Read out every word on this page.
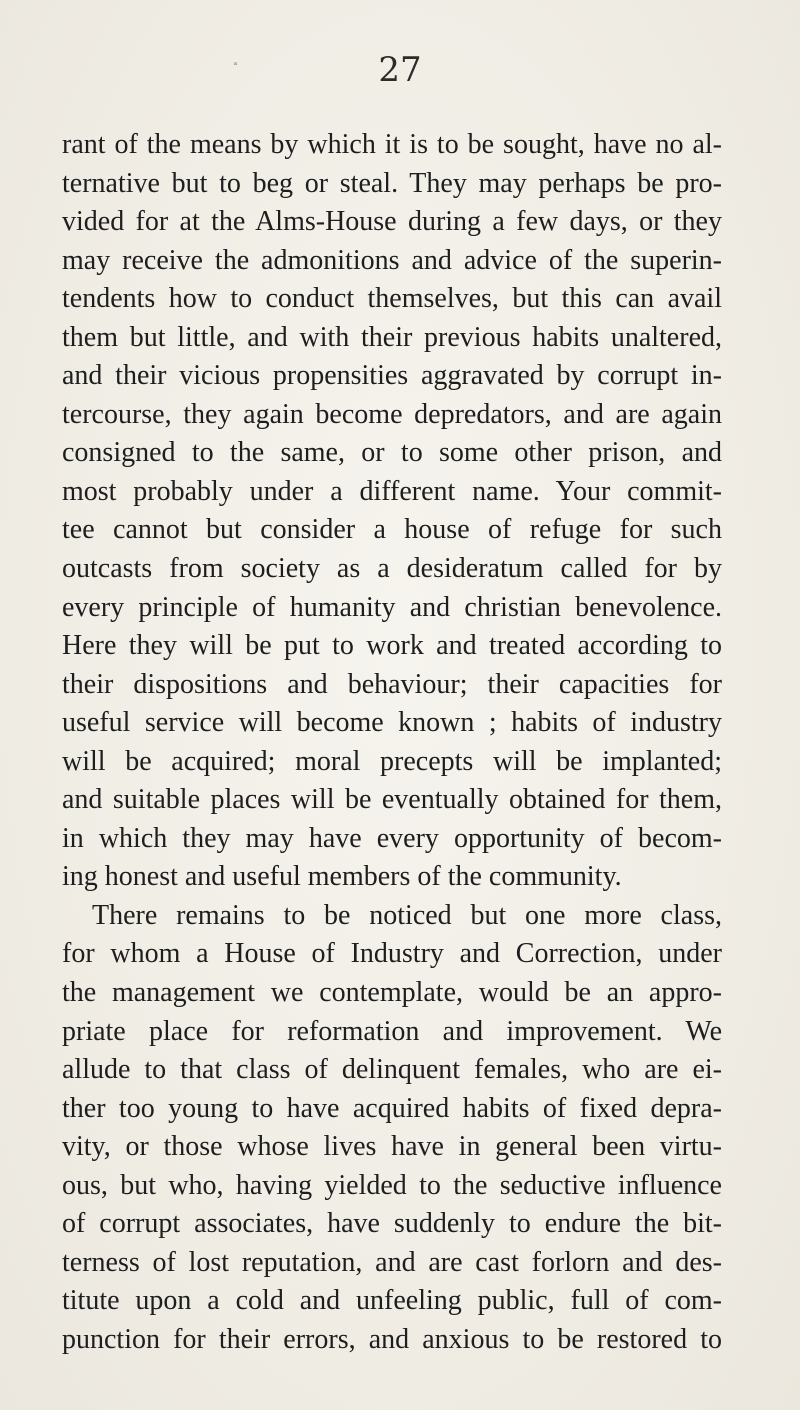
˟	27
rant of the means by which it is to be sought, have no al-
ternative but to beg or steal. They may perhaps be pro-
vided for at the Alms-House during a few days, or they
may receive the admonitions and advice of the superin-
tendents how to conduct themselves, but this can avail
them but little, and with their previous habits unaltered,
and their vicious propensities aggravated by corrupt in-
tercourse, they again become depredators, and are again
consigned to the same, or to some other prison, and
most probably under a different name. Your commit-
tee cannot but consider a house of refuge for such
outcasts from society as a desideratum called for by
every principle of humanity and christian benevolence.
Here they will be put to work and treated according to
their dispositions and behaviour; their capacities for
useful service will become known ; habits of industry
will be acquired; moral precepts will be implanted;
and suitable places will be eventually obtained for them,
in which they may have every opportunity of becom-
ing honest and useful members of the community.
There remains to be noticed but one more class,
for whom a House of Industry and Correction, under
the management we contemplate, would be an appro-
priate place for reformation and improvement. We
allude to that class of delinquent females, who are ei-
ther too young to have acquired habits of fixed depra-
vity, or those whose lives have in general been virtu-
ous, but who, having yielded to the seductive influence
of corrupt associates, have suddenly to endure the bit-
terness of lost reputation, and are cast forlorn and des-
titute upon a cold and unfeeling public, full of com-
punction for their errors, and anxious to be restored to
